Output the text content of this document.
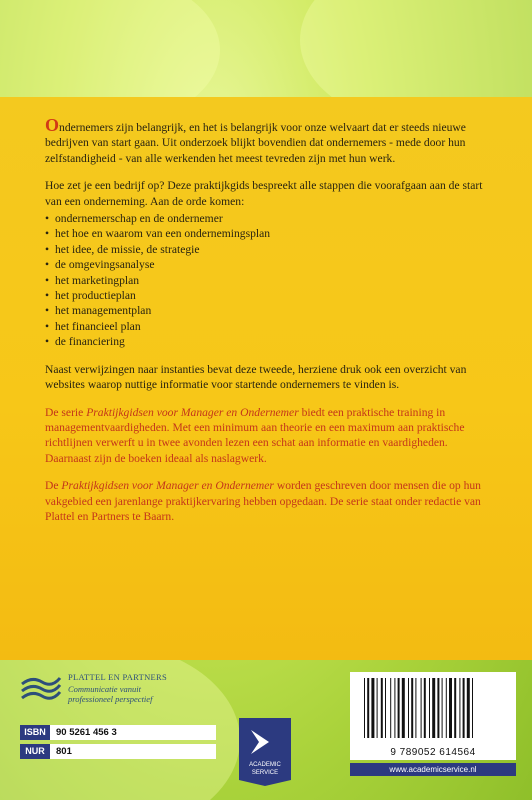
Ondernemers zijn belangrijk, en het is belangrijk voor onze welvaart dat er steeds nieuwe bedrijven van start gaan. Uit onderzoek blijkt bovendien dat ondernemers - mede door hun zelfstandigheid - van alle werkenden het meest tevreden zijn met hun werk.

Hoe zet je een bedrijf op? Deze praktijkgids bespreekt alle stappen die voorafgaan aan de start van een onderneming. Aan de orde komen:

• ondernemerschap en de ondernemer
• het hoe en waarom van een ondernemingsplan
• het idee, de missie, de strategie
• de omgevingsanalyse
• het marketingplan
• het productieplan
• het managementplan
• het financieel plan
• de financiering

Naast verwijzingen naar instanties bevat deze tweede, herziene druk ook een overzicht van websites waarop nuttige informatie voor startende ondernemers te vinden is.

De serie Praktijkgidsen voor Manager en Ondernemer biedt een praktische training in managementvaardigheden. Met een minimum aan theorie en een maximum aan praktische richtlijnen verwerft u in twee avonden lezen een schat aan informatie en vaardigheden. Daarnaast zijn de boeken ideaal als naslagwerk.

De Praktijkgidsen voor Manager en Ondernemer worden geschreven door mensen die op hun vakgebied een jarenlange praktijkervaring hebben opgedaan. De serie staat onder redactie van Plattel en Partners te Baarn.

PLATTEL EN PARTNERS
Communicatie vanuit
professioneel perspectief
ISBN	90 5261 456 3
NUR	801
ACADEMIC
SERVICE
9 789052 614564
www.academicservice.nl
